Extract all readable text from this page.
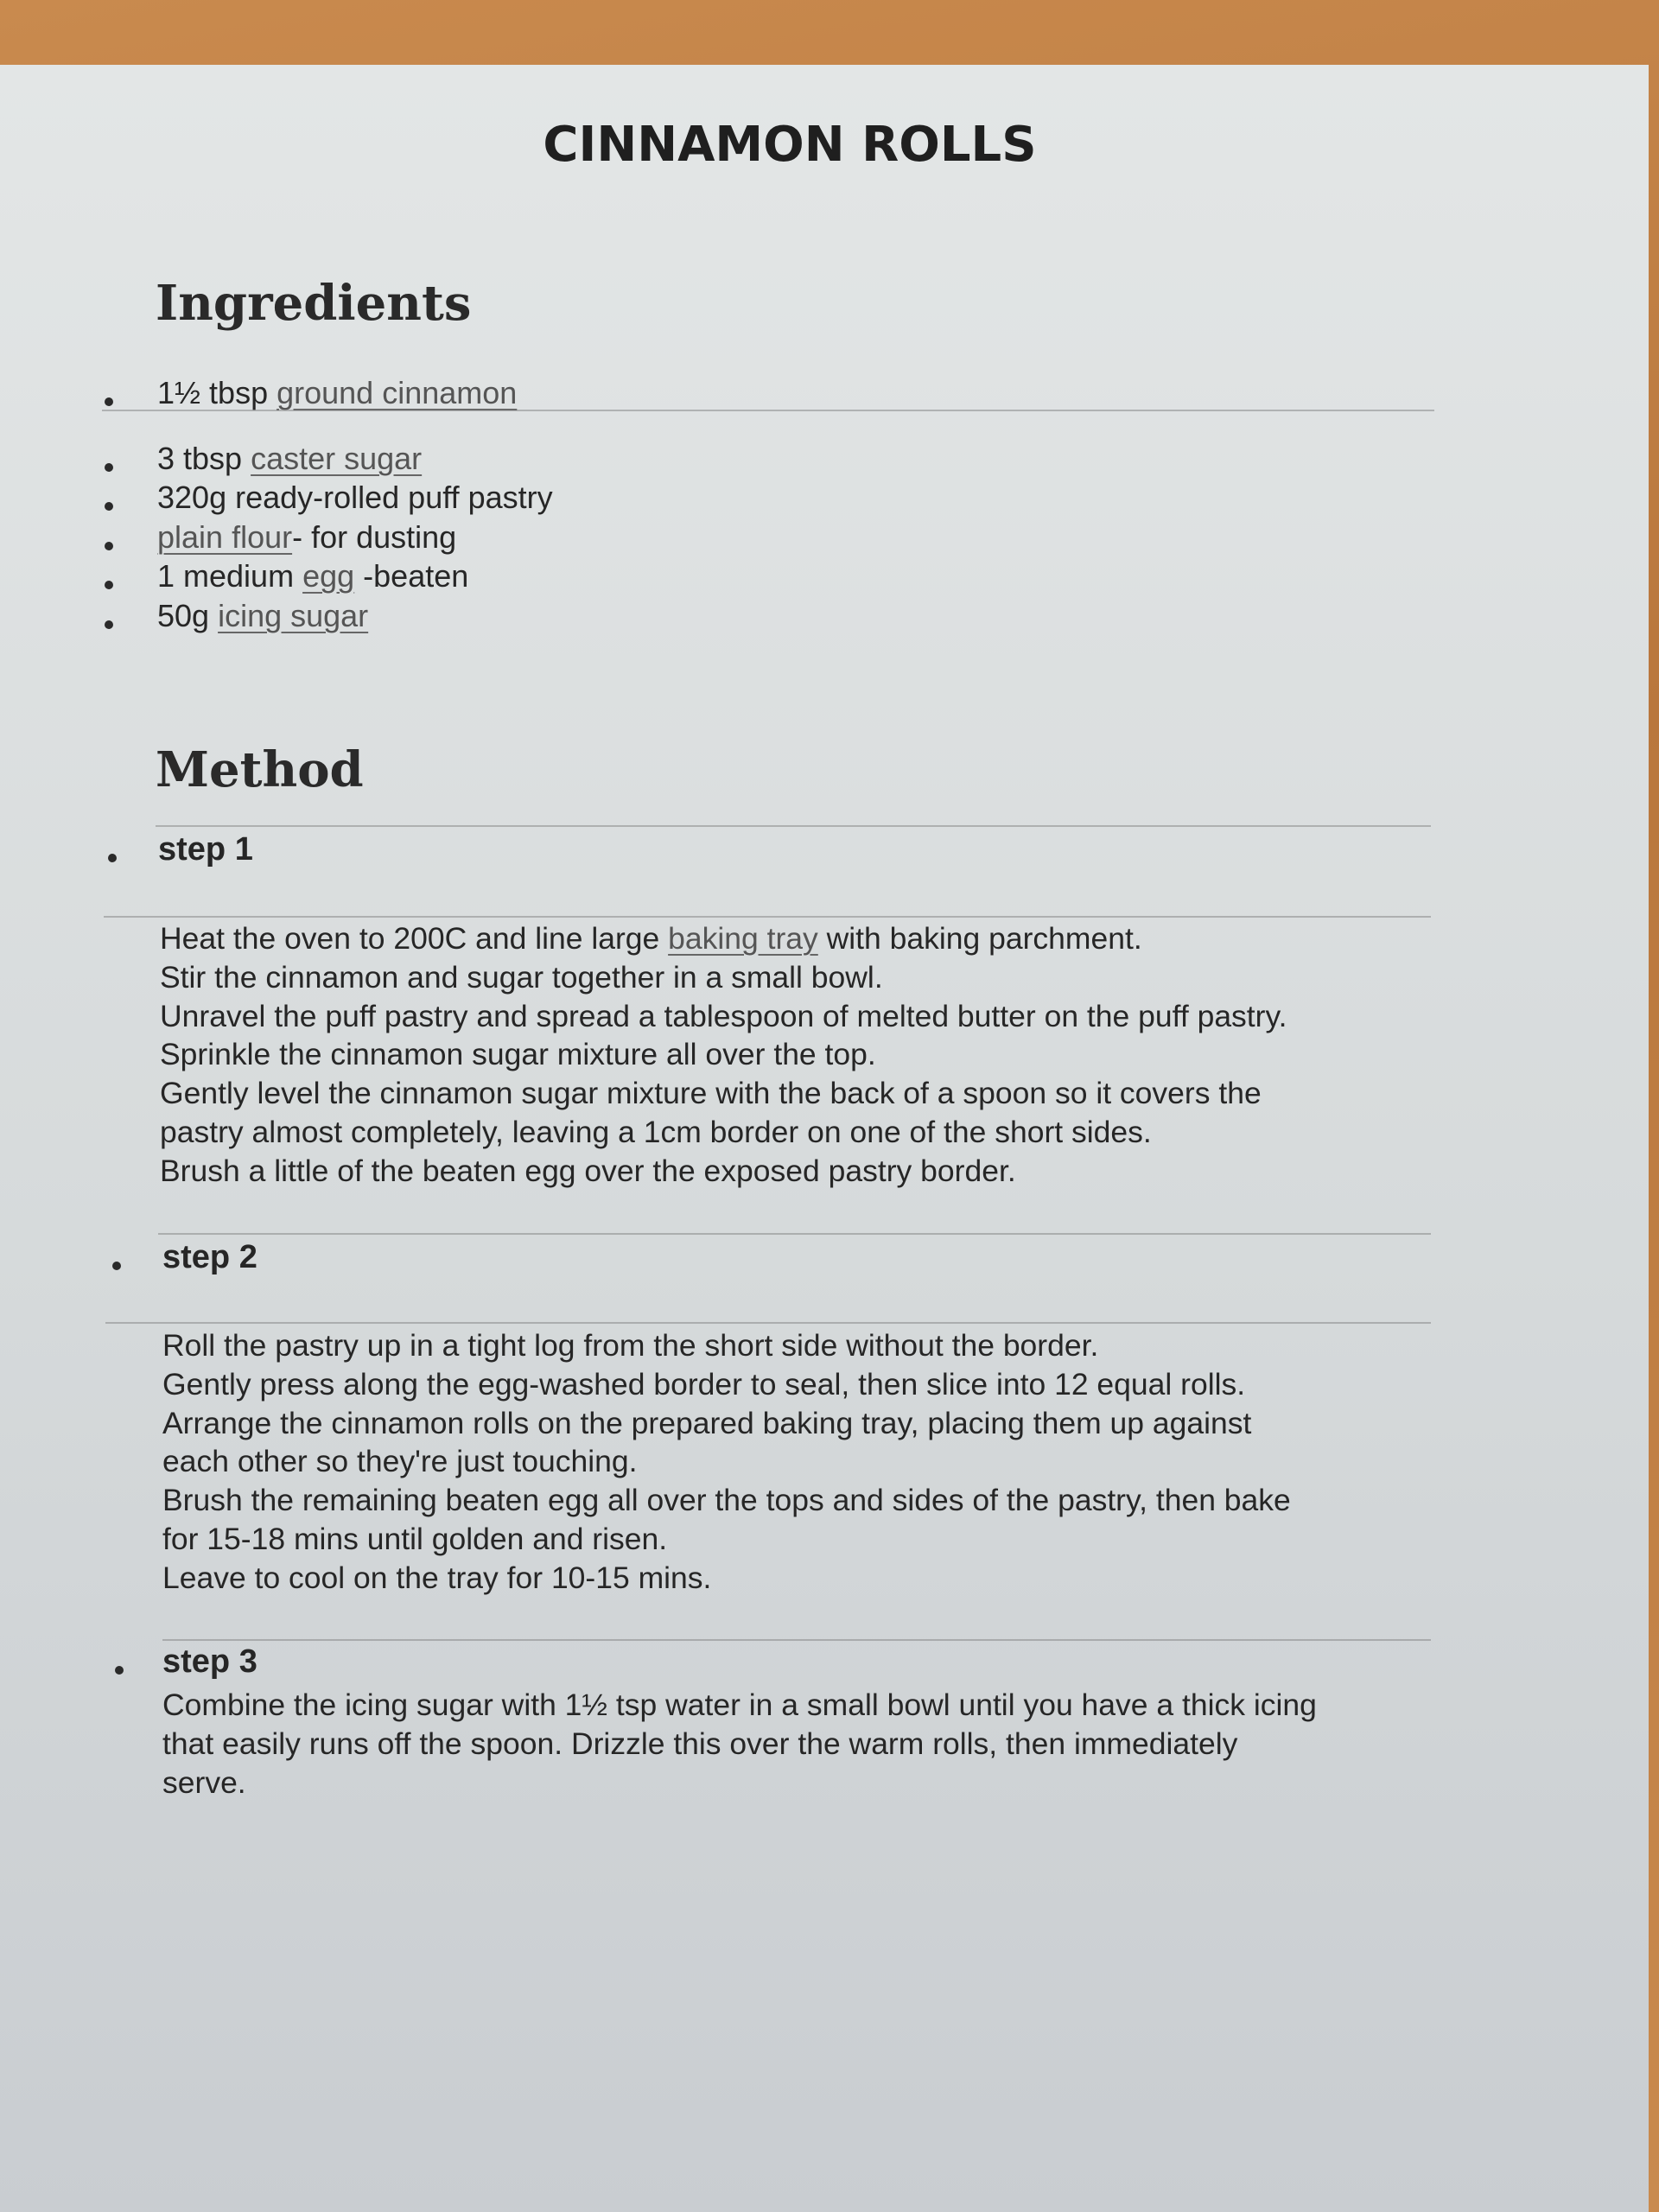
CINNAMON ROLLS
Ingredients

1½ tbsp ground cinnamon

3 tbsp caster sugar

320g ready-rolled puff pastry

plain flour- for dusting

1 medium egg -beaten

50g icing sugar

Method

step 1

Heat the oven to 200C and line large baking tray with baking parchment.
Stir the cinnamon and sugar together in a small bowl.
Unravel the puff pastry and spread a tablespoon of melted butter on the puff pastry.
Sprinkle the cinnamon sugar mixture all over the top.
Gently level the cinnamon sugar mixture with the back of a spoon so it covers the
pastry almost completely, leaving a 1cm border on one of the short sides.
Brush a little of the beaten egg over the exposed pastry border.

step 2

Roll the pastry up in a tight log from the short side without the border.
Gently press along the egg-washed border to seal, then slice into 12 equal rolls.
Arrange the cinnamon rolls on the prepared baking tray, placing them up against
each other so they're just touching.
Brush the remaining beaten egg all over the tops and sides of the pastry, then bake
for 15-18 mins until golden and risen.
Leave to cool on the tray for 10-15 mins.

step 3

Combine the icing sugar with 1½ tsp water in a small bowl until you have a thick icing
that easily runs off the spoon. Drizzle this over the warm rolls, then immediately
serve.
